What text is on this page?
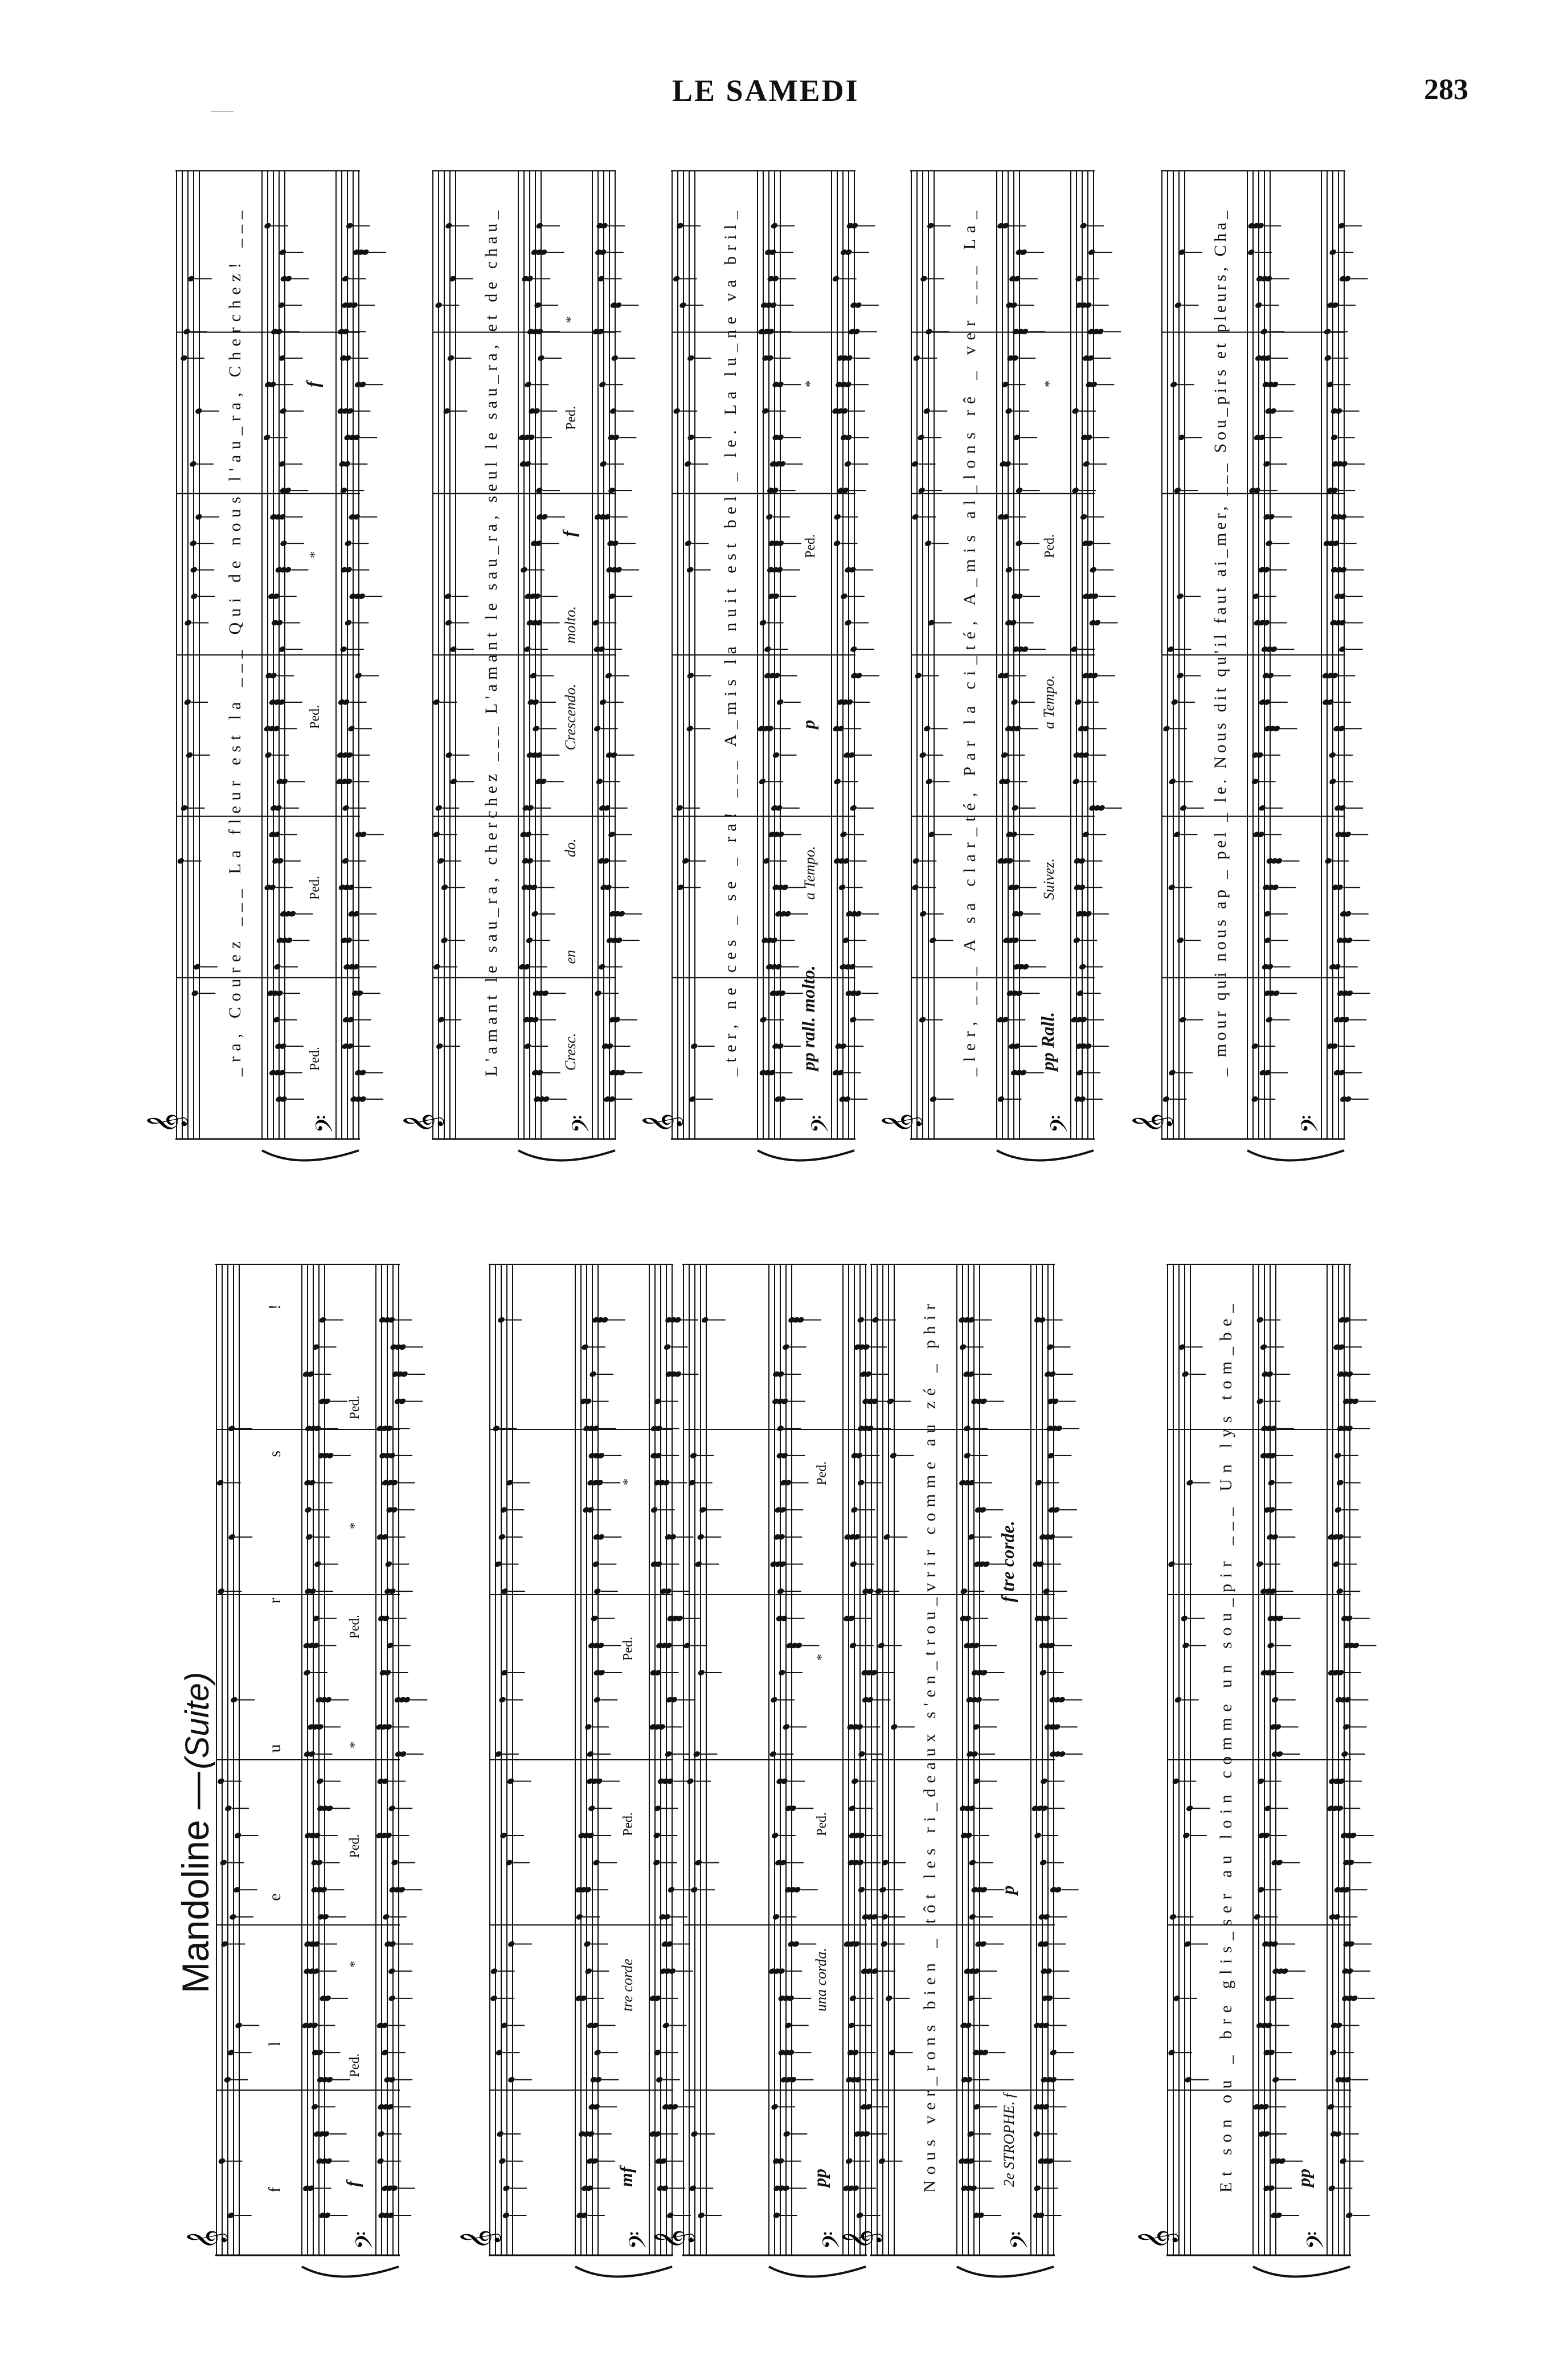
LE SAMEDI	283
Mandoline — (Suite)
𝄞	𝄢
_ra, Courez ___ La fleur est la ___ Qui de nous l'au_ra, Cherchez! ___
Ped.
Ped.
Ped.
*
f
𝄞	𝄢
L'amant le sau_ra, cherchez ___ L'amant le sau_ra, seul le sau_ra, et de chau_
Cresc.
en
do.
Crescendo.
molto.
f
Ped.
*
𝄞	𝄢
_ter, ne ces _ se _ ra! ___ A_mis la nuit est bel _ le. La lu_ne va bril_
pp rall. molto.
a Tempo.
p
Ped.
*
𝄞	𝄢
_ler, ___ A sa clar_té, Par la ci_té, A_mis al_lons rê _ ver ___ La_
pp Rall.
Suivez.
a Tempo.
Ped.
*
𝄞	𝄢
_ mour qui nous ap _ pel _ le. Nous dit qu'il faut ai_mer, ___ Sou_pirs et pleurs, Cha_
𝄞	𝄢
fleurs!
f
Ped.
*
Ped.
*
Ped.
*
Ped.
𝄞	𝄢
mf
tre corde
Ped.
Ped.
*
𝄞	𝄢
pp
una corda.
Ped.
*
Ped.
𝄞	𝄢
Nous ver_rons bien _ tôt les ri_deaux s'en_trou_vrir comme au zé _ phir
2e STROPHE. f
p
f tre corde.
𝄞	𝄢
Et son ou _ bre glis_ser au loin comme un sou_pir ___ Un lys tom_be_
pp
